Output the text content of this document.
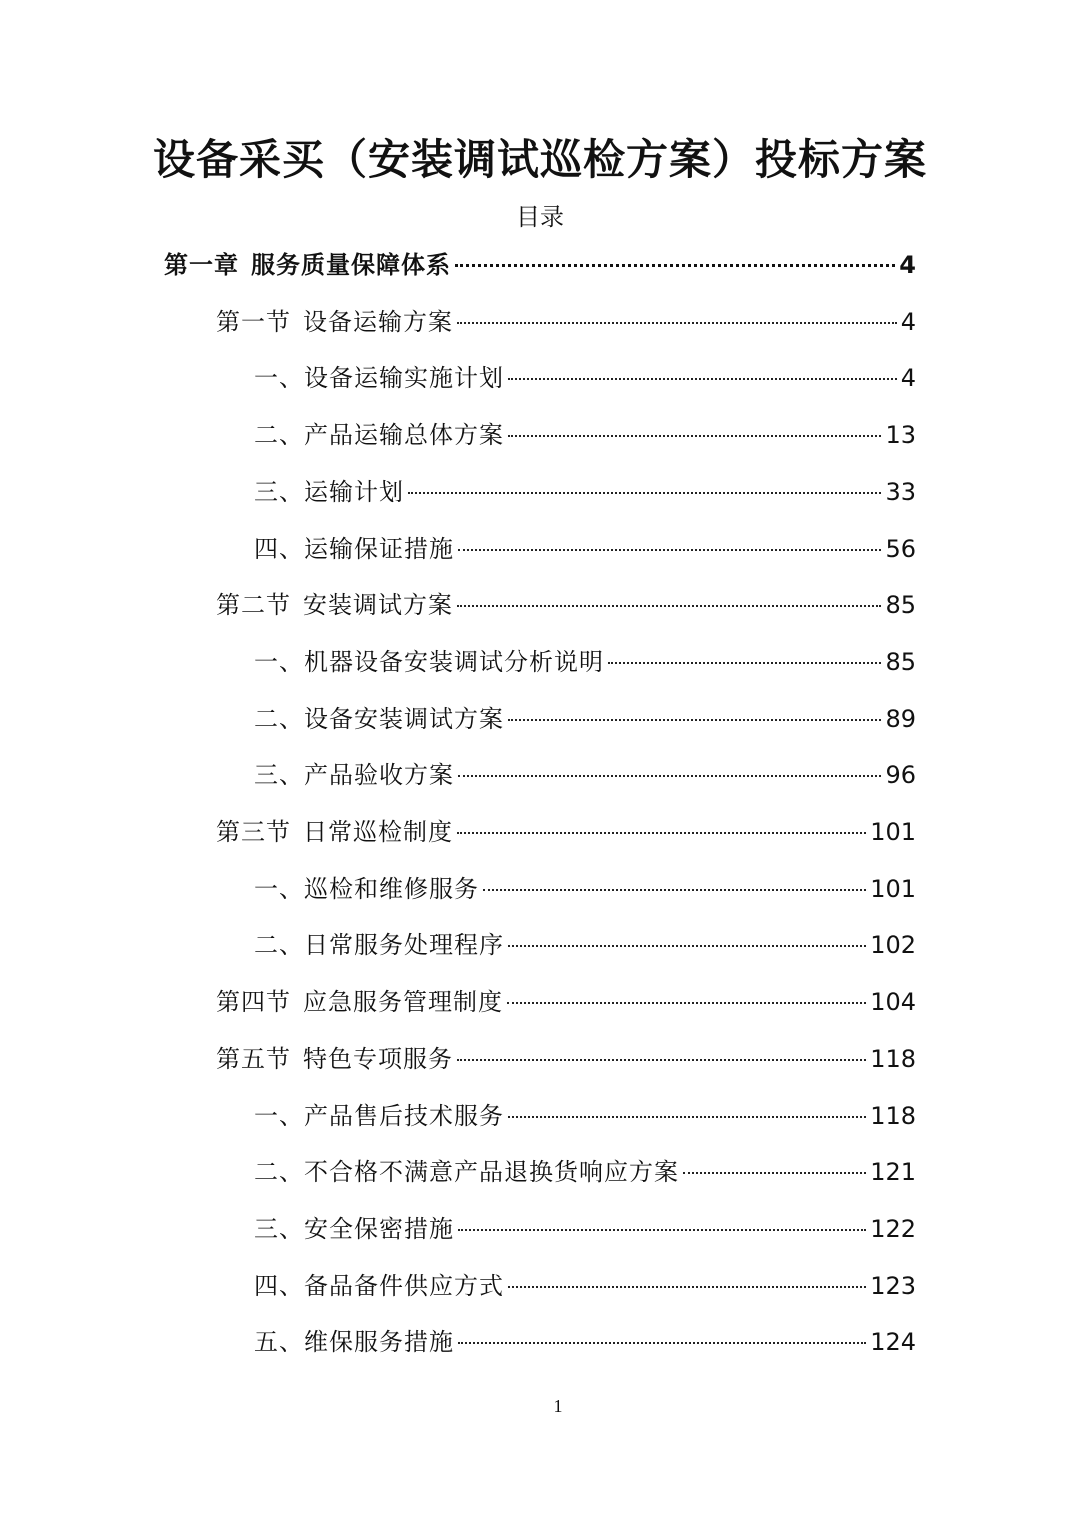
设备采买（安装调试巡检方案）投标方案
目录
第一章 服务质量保障体系	4
第一节 设备运输方案	4
一、设备运输实施计划	4
二、产品运输总体方案	13
三、运输计划	33
四、运输保证措施	56
第二节 安装调试方案	85
一、机器设备安装调试分析说明	85
二、设备安装调试方案	89
三、产品验收方案	96
第三节 日常巡检制度	101
一、巡检和维修服务	101
二、日常服务处理程序	102
第四节 应急服务管理制度	104
第五节 特色专项服务	118
一、产品售后技术服务	118
二、不合格不满意产品退换货响应方案	121
三、安全保密措施	122
四、备品备件供应方式	123
五、维保服务措施	124
1
